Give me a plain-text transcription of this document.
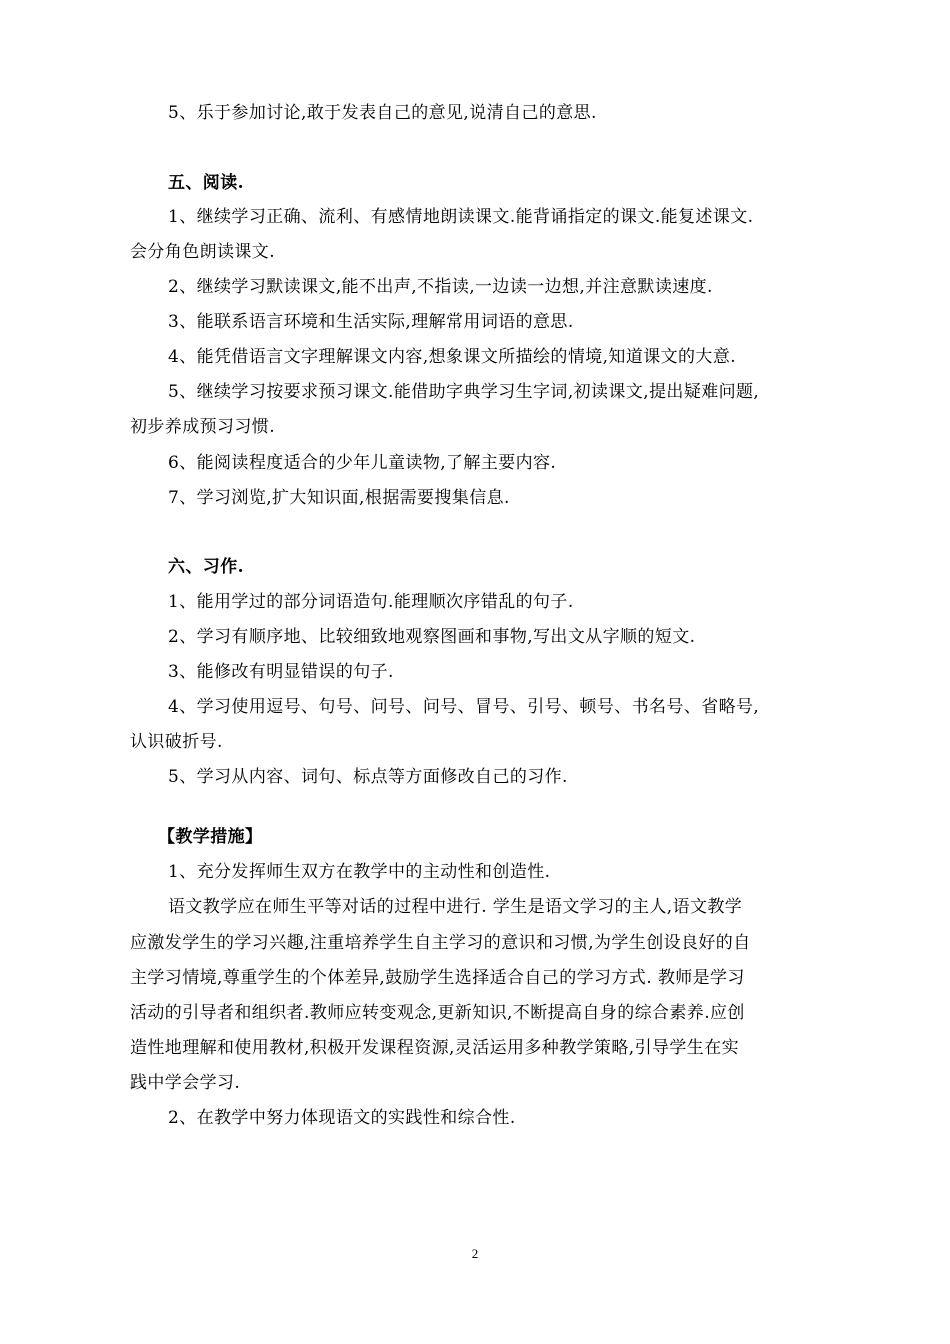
5、乐于参加讨论,敢于发表自己的意见,说清自己的意思.
五、阅读.
1、继续学习正确、流利、有感情地朗读课文.能背诵指定的课文.能复述课文.
会分角色朗读课文.
2、继续学习默读课文,能不出声,不指读,一边读一边想,并注意默读速度.
3、能联系语言环境和生活实际,理解常用词语的意思.
4、能凭借语言文字理解课文内容,想象课文所描绘的情境,知道课文的大意.
5、继续学习按要求预习课文.能借助字典学习生字词,初读课文,提出疑难问题,
初步养成预习习惯.
6、能阅读程度适合的少年儿童读物,了解主要内容.
7、学习浏览,扩大知识面,根据需要搜集信息.
六、习作.
1、能用学过的部分词语造句.能理顺次序错乱的句子.
2、学习有顺序地、比较细致地观察图画和事物,写出文从字顺的短文.
3、能修改有明显错误的句子.
4、学习使用逗号、句号、问号、问号、冒号、引号、顿号、书名号、省略号,
认识破折号.
5、学习从内容、词句、标点等方面修改自己的习作.
【教学措施】
1、充分发挥师生双方在教学中的主动性和创造性.
语文教学应在师生平等对话的过程中进行. 学生是语文学习的主人,语文教学
应激发学生的学习兴趣,注重培养学生自主学习的意识和习惯,为学生创设良好的自
主学习情境,尊重学生的个体差异,鼓励学生选择适合自己的学习方式. 教师是学习
活动的引导者和组织者.教师应转变观念,更新知识,不断提高自身的综合素养.应创
造性地理解和使用教材,积极开发课程资源,灵活运用多种教学策略,引导学生在实
践中学会学习.
2、在教学中努力体现语文的实践性和综合性.
2
